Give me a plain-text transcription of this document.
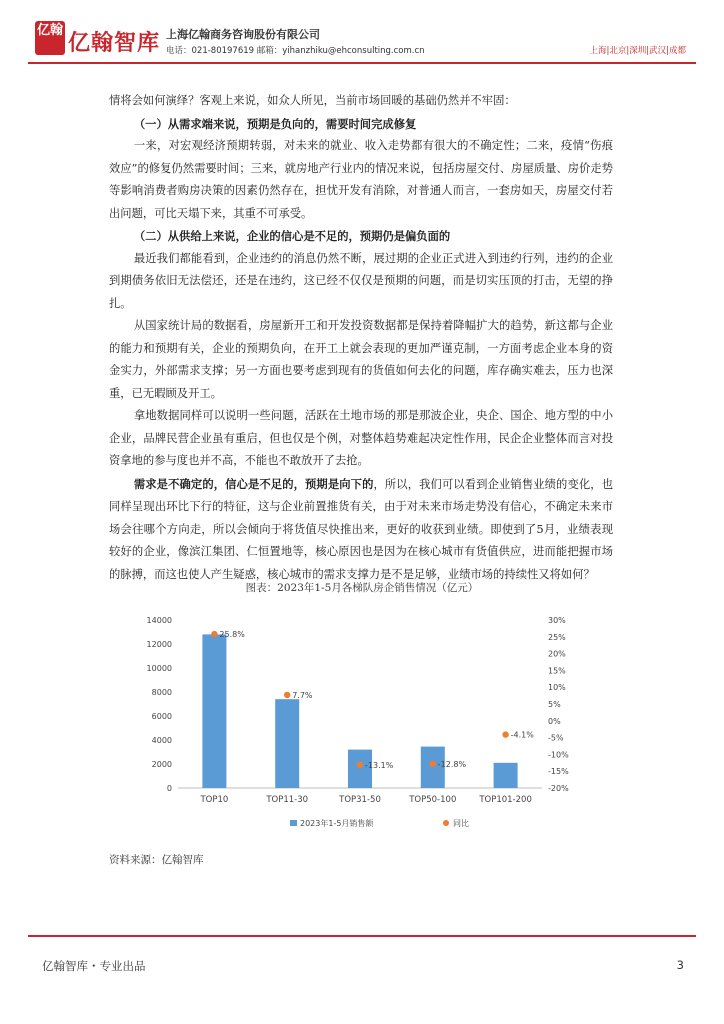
亿翰
亿翰智库 上海亿翰商务咨询股份有限公司
电话：021-80197619 邮箱：yihanzhiku@ehconsulting.com.cn	上海|北京|深圳|武汉|成都

情将会如何演绎？客观上来说，如众人所见，当前市场回暖的基础仍然并不牢固：

（一）从需求端来说，预期是负向的，需要时间完成修复

一来，对宏观经济预期转弱，对未来的就业、收入走势都有很大的不确定性；二来，疫情“伤痕效应”的修复仍然需要时间；三来，就房地产行业内的情况来说，包括房屋交付、房屋质量、房价走势等影响消费者购房决策的因素仍然存在，担忧开发有消除，对普通人而言，一套房如天，房屋交付若出问题，可比天塌下来，其重不可承受。

（二）从供给上来说，企业的信心是不足的，预期仍是偏负面的

最近我们都能看到，企业违约的消息仍然不断，展过期的企业正式进入到违约行列，违约的企业到期债务依旧无法偿还，还是在违约，这已经不仅仅是预期的问题，而是切实压顶的打击，无望的挣扎。

从国家统计局的数据看，房屋新开工和开发投资数据都是保持着降幅扩大的趋势，新这都与企业的能力和预期有关，企业的预期负向，在开工上就会表现的更加严谨克制，一方面考虑企业本身的资金实力，外部需求支撑；另一方面也要考虑到现有的货值如何去化的问题，库存确实难去，压力也深重，已无暇顾及开工。

拿地数据同样可以说明一些问题，活跃在土地市场的那是那波企业，央企、国企、地方型的中小企业，品牌民营企业虽有重启，但也仅是个例，对整体趋势难起决定性作用，民企企业整体而言对投资拿地的参与度也并不高，不能也不敢放开了去抢。

需求是不确定的，信心是不足的，预期是向下的，所以，我们可以看到企业销售业绩的变化，也同样呈现出环比下行的特征，这与企业前置推货有关，由于对未来市场走势没有信心，不确定未来市场会往哪个方向走，所以会倾向于将货值尽快推出来，更好的收获到业绩。即使到了5月，业绩表现较好的企业，像滨江集团、仁恒置地等，核心原因也是因为在核心城市有货值供应，进而能把握市场的脉搏，而这也使人产生疑惑，核心城市的需求支撑力是不是足够，业绩市场的持续性又将如何？

图表：2023年1-5月各梯队房企销售情况（亿元）
0
2000
4000
6000
8000
10000
12000
14000
-20%
-15%
-10%
-5%
0%
5%
10%
15%
20%
25%
30%
TOP10
25.8%
TOP11-30
7.7%
TOP31-50
-13.1%
TOP50-100
-12.8%
TOP101-200
-4.1%
2023年1-5月销售额	同比
资料来源：亿翰智库
亿翰智库・专业出品	3
